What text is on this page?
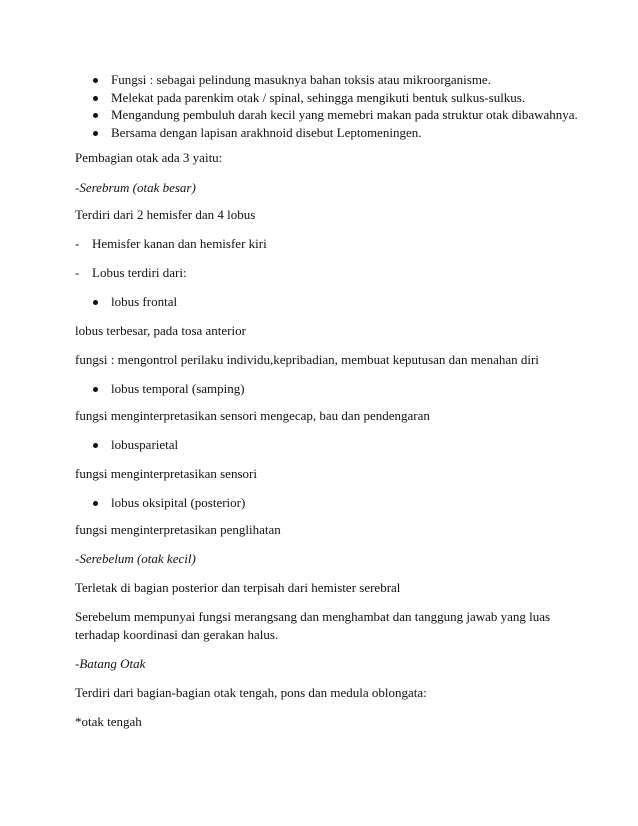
Fungsi : sebagai pelindung masuknya bahan toksis atau mikroorganisme.
Melekat pada parenkim otak / spinal, sehingga mengikuti bentuk sulkus-sulkus.
Mengandung pembuluh darah kecil yang memebri makan pada struktur otak dibawahnya.
Bersama dengan lapisan arakhnoid disebut Leptomeningen.
Pembagian otak ada 3 yaitu:
-Serebrum (otak besar)
Terdiri dari 2 hemisfer dan 4 lobus
- Hemisfer kanan dan hemisfer kiri
- Lobus terdiri dari:
lobus frontal
lobus terbesar, pada tosa anterior
fungsi : mengontrol perilaku individu,kepribadian, membuat keputusan dan menahan diri
lobus temporal (samping)
fungsi menginterpretasikan sensori mengecap, bau dan pendengaran
lobusparietal
fungsi menginterpretasikan sensori
lobus oksipital (posterior)
fungsi menginterpretasikan penglihatan
-Serebelum (otak kecil)
Terletak di bagian posterior dan terpisah dari hemister serebral
Serebelum mempunyai fungsi merangsang dan menghambat dan tanggung jawab yang luas
terhadap koordinasi dan gerakan halus.
-Batang Otak
Terdiri dari bagian-bagian otak tengah, pons dan medula oblongata:
*otak tengah
